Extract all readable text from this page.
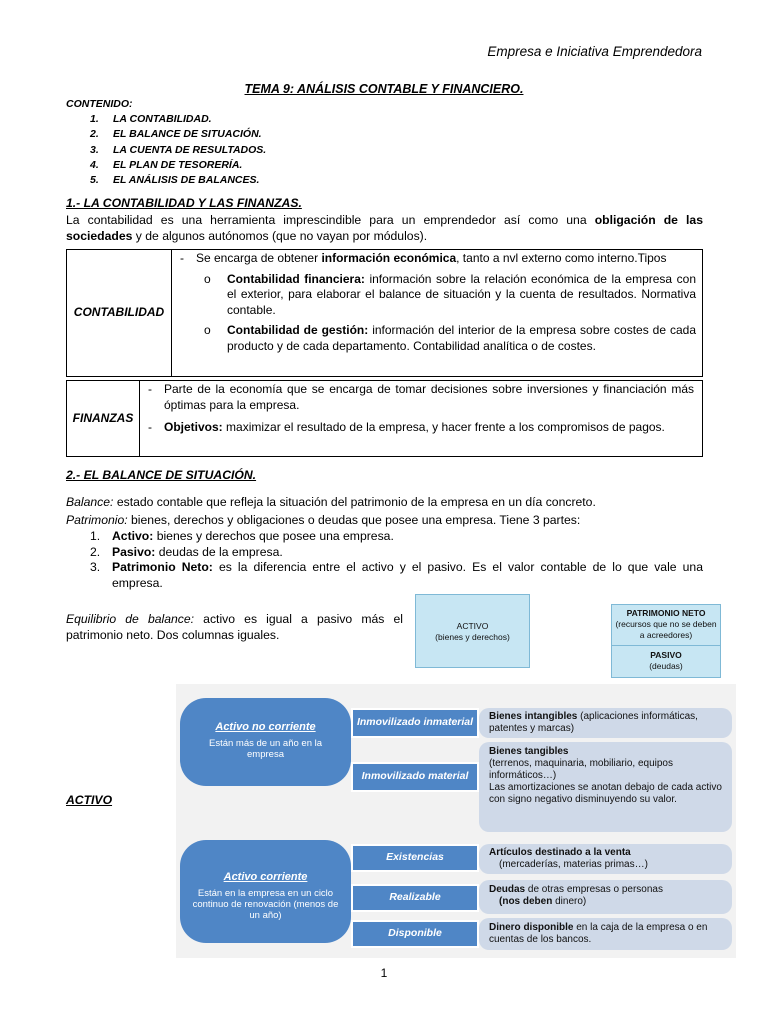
Empresa e Iniciativa Emprendedora
TEMA 9: ANÁLISIS CONTABLE Y FINANCIERO.
CONTENIDO:
1. LA CONTABILIDAD.
2. EL BALANCE DE SITUACIÓN.
3. LA CUENTA DE RESULTADOS.
4. EL PLAN DE TESORERÍA.
5. EL ANÁLISIS DE BALANCES.
1.- LA CONTABILIDAD Y LAS FINANZAS.
La contabilidad es una herramienta imprescindible para un emprendedor así como una obligación de las sociedades y de algunos autónomos (que no vayan por módulos).
CONTABILIDAD	
- Se encarga de obtener información económica, tanto a nvl externo como interno.Tipos
o Contabilidad financiera: información sobre la relación económica de la empresa con el exterior, para elaborar el balance de situación y la cuenta de resultados. Normativa contable.
o Contabilidad de gestión: información del interior de la empresa sobre costes de cada producto y de cada departamento. Contabilidad analítica o de costes.
FINANZAS	
- Parte de la economía que se encarga de tomar decisiones sobre inversiones y financiación más óptimas para la empresa.
- Objetivos: maximizar el resultado de la empresa, y hacer frente a los compromisos de pagos.
2.- EL BALANCE DE SITUACIÓN.
Balance: estado contable que refleja la situación del patrimonio de la empresa en un día concreto.
Patrimonio: bienes, derechos y obligaciones o deudas que posee una empresa. Tiene 3 partes:
1. Activo: bienes y derechos que posee una empresa.
2. Pasivo: deudas de la empresa.
3. Patrimonio Neto: es la diferencia entre el activo y el pasivo. Es el valor contable de lo que vale una empresa.
Equilibrio de balance: activo es igual a pasivo más el patrimonio neto. Dos columnas iguales.
ACTIVO
(bienes y derechos)
PATRIMONIO NETO
(recursos que no se deben a acreedores)
PASIVO
(deudas)
ACTIVO
Activo no corriente
Están más de un año en la empresa
Activo corriente
Están en la empresa en un ciclo continuo de renovación (menos de un año)
Inmovilizado inmaterial
Inmovilizado material
Existencias
Realizable
Disponible
Bienes intangibles (aplicaciones informáticas, patentes y marcas)
Bienes tangibles
(terrenos, maquinaria, mobiliario, equipos informáticos…)
Las amortizaciones se anotan debajo de cada activo con signo negativo disminuyendo su valor.
Artículos destinado a la venta
(mercaderías, materias primas…)
Deudas de otras empresas o personas
(nos deben dinero)
Dinero disponible en la caja de la empresa o en cuentas de los bancos.
1
